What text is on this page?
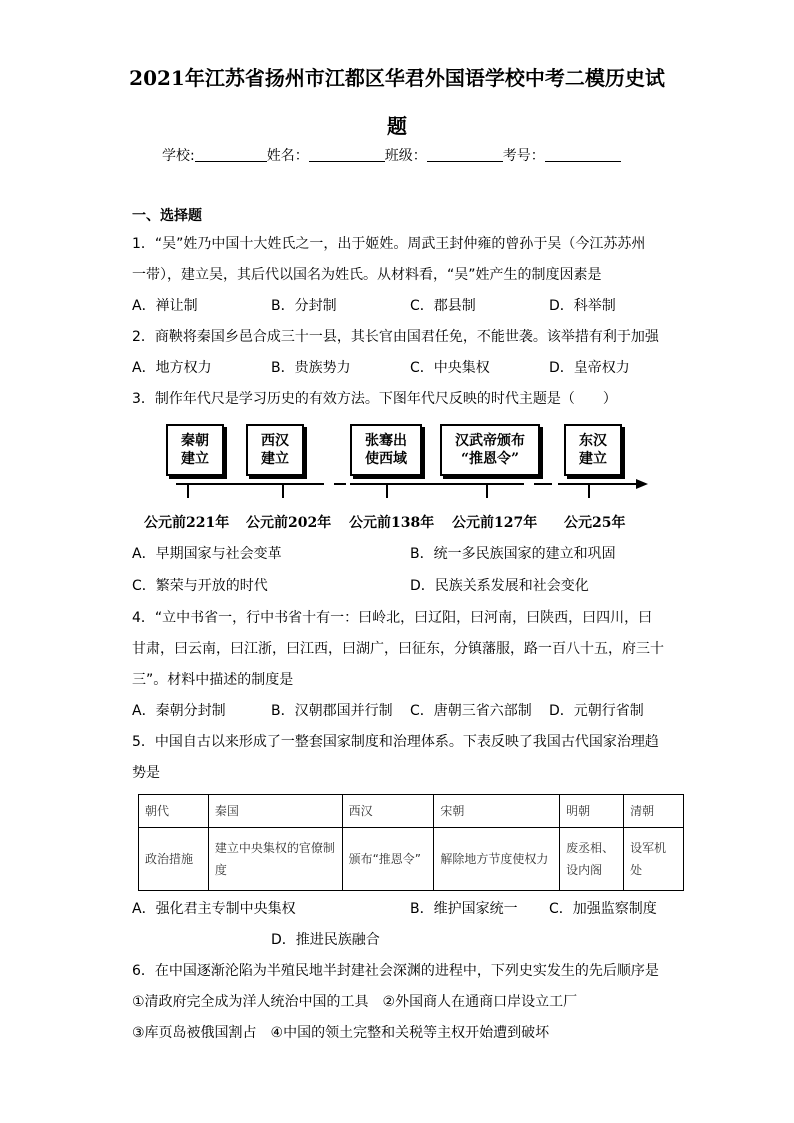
2021年江苏省扬州市江都区华君外国语学校中考二模历史试
题
学校:	姓名：	班级：	考号：
一、选择题
1．“吴”姓乃中国十大姓氏之一，出于姬姓。周武王封仲雍的曾孙于吴（今江苏苏州
一带），建立吴，其后代以国名为姓氏。从材料看，“吴”姓产生的制度因素是
A．禅让制	B．分封制	C．郡县制	D．科举制
2．商鞅将秦国乡邑合成三十一县，其长官由国君任免，不能世袭。该举措有利于加强
A．地方权力	B．贵族势力	C．中央集权	D．皇帝权力
3．制作年代尺是学习历史的有效方法。下图年代尺反映的时代主题是（　　）
秦朝
建立
西汉
建立
张骞出
使西域
汉武帝颁布
“推恩令”
东汉
建立
公元前221年 公元前202年 公元前138年 公元前127年 公元25年
A．早期国家与社会变革	B．统一多民族国家的建立和巩固
C．繁荣与开放的时代	D．民族关系发展和社会变化
4．“立中书省一，行中书省十有一：曰岭北，曰辽阳，曰河南，曰陕西，曰四川，曰
甘肃，曰云南，曰江浙，曰江西，曰湖广，曰征东，分镇藩服，路一百八十五，府三十
三”。材料中描述的制度是
A．秦朝分封制	B．汉朝郡国并行制 C．唐朝三省六部制 D．元朝行省制
5．中国自古以来形成了一整套国家制度和治理体系。下表反映了我国古代国家治理趋
势是
朝代	秦国	西汉	宋朝	明朝	清朝
政治措施	建立中央集权的官僚制度	颁布“推恩令”	解除地方节度使权力	废丞相、设内阁	设军机处
A．强化君主专制中央集权	B．维护国家统一 C．加强监察制度
D．推进民族融合
6．在中国逐渐沦陷为半殖民地半封建社会深渊的进程中，下列史实发生的先后顺序是
①清政府完全成为洋人统治中国的工具　②外国商人在通商口岸设立工厂
③库页岛被俄国割占　④中国的领土完整和关税等主权开始遭到破坏
